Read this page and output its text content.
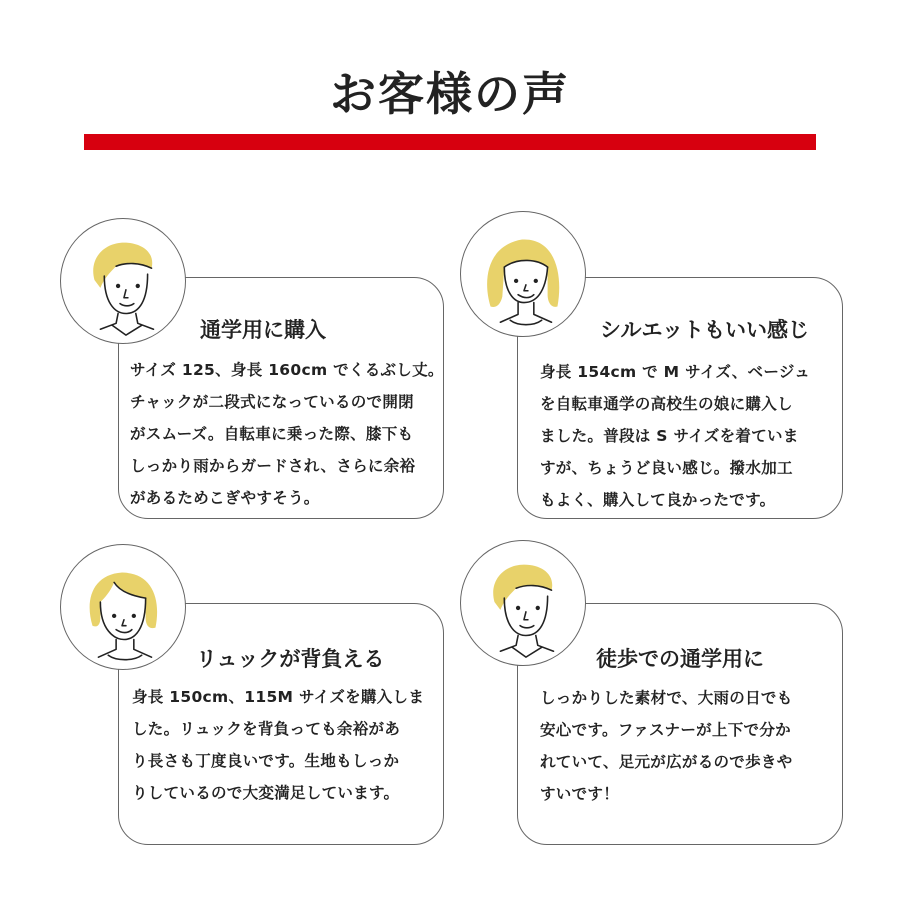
お客様の声
通学用に購入
サイズ 125、身長 160cm でくるぶし丈。
チャックが二段式になっているので開閉
がスムーズ。自転車に乗った際、膝下も
しっかり雨からガードされ、さらに余裕
があるためこぎやすそう。
シルエットもいい感じ
身長 154cm で M サイズ、ベージュ
を自転車通学の高校生の娘に購入し
ました。普段は S サイズを着ていま
すが、ちょうど良い感じ。撥水加工
もよく、購入して良かったです。
リュックが背負える
身長 150cm、115M サイズを購入しま
した。リュックを背負っても余裕があ
り長さも丁度良いです。生地もしっか
りしているので大変満足しています。
徒歩での通学用に
しっかりした素材で、大雨の日でも
安心です。ファスナーが上下で分か
れていて、足元が広がるので歩きや
すいです！
